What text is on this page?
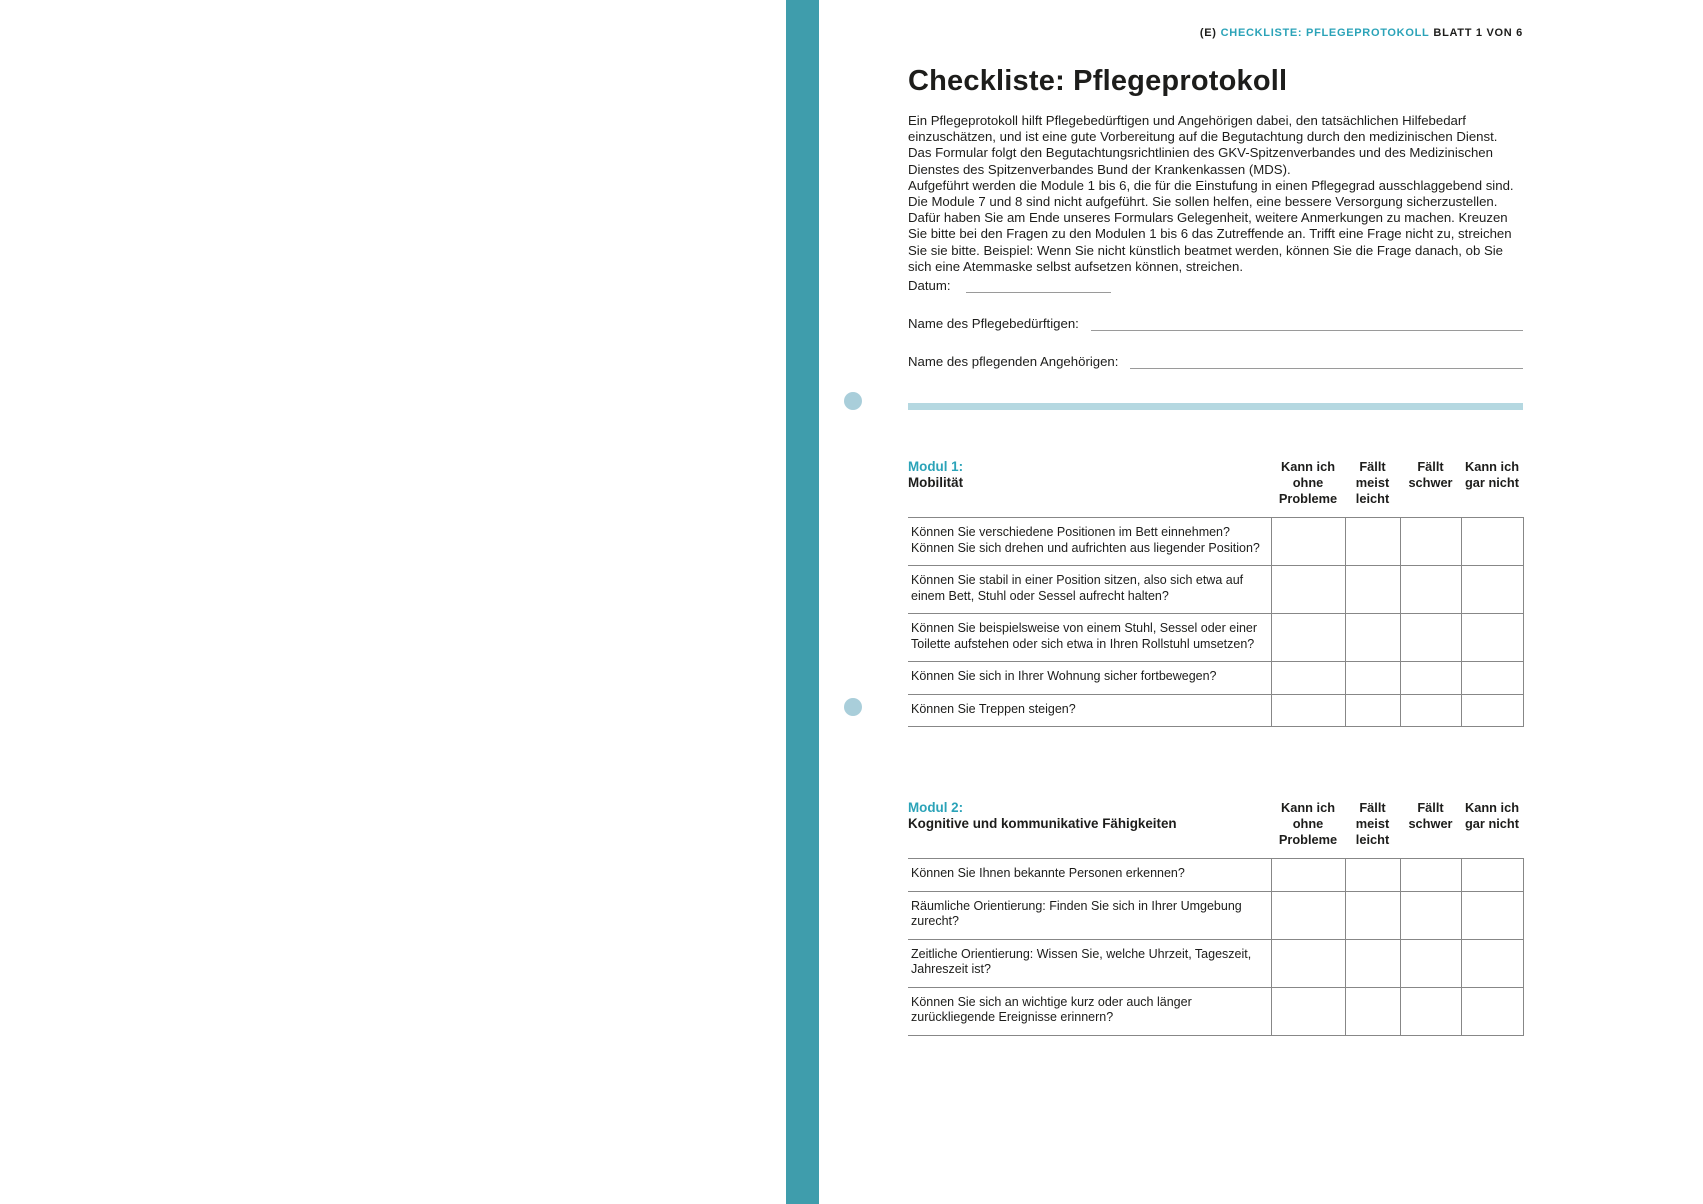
(E) CHECKLISTE: PFLEGEPROTOKOLL BLATT 1 VON 6
Checkliste: Pflegeprotokoll

Ein Pflegeprotokoll hilft Pflegebedürftigen und Angehörigen dabei, den tatsächlichen Hilfebedarf einzuschätzen, und ist eine gute Vorbereitung auf die Begutachtung durch den medizinischen Dienst. Das Formular folgt den Begutachtungsrichtlinien des GKV-Spitzenverbandes und des Medizinischen Dienstes des Spitzenverbandes Bund der Krankenkassen (MDS).

Aufgeführt werden die Module 1 bis 6, die für die Einstufung in einen Pflegegrad ausschlaggebend sind. Die Module 7 und 8 sind nicht aufgeführt. Sie sollen helfen, eine bessere Versorgung sicherzustellen. Dafür haben Sie am Ende unseres Formulars Gelegenheit, weitere Anmerkungen zu machen. Kreuzen Sie bitte bei den Fragen zu den Modulen 1 bis 6 das Zutreffende an. Trifft eine Frage nicht zu, streichen Sie sie bitte. Beispiel: Wenn Sie nicht künstlich beatmet werden, können Sie die Frage danach, ob Sie sich eine Atemmaske selbst aufsetzen können, streichen.

Datum:
Name des Pflegebedürftigen:
Name des pflegenden Angehörigen:
Modul 1:
Mobilität	Kann ich ohne Probleme	Fällt meist leicht	Fällt schwer	Kann ich gar nicht
Können Sie verschiedene Positionen im Bett einnehmen? Können Sie sich drehen und aufrichten aus liegender Position?				
Können Sie stabil in einer Position sitzen, also sich etwa auf einem Bett, Stuhl oder Sessel aufrecht halten?				
Können Sie beispielsweise von einem Stuhl, Sessel oder einer Toilette aufstehen oder sich etwa in Ihren Rollstuhl umsetzen?				
Können Sie sich in Ihrer Wohnung sicher fortbewegen?				
Können Sie Treppen steigen?				
Modul 2:
Kognitive und kommunikative Fähigkeiten	Kann ich ohne Probleme	Fällt meist leicht	Fällt schwer	Kann ich gar nicht
Können Sie Ihnen bekannte Personen erkennen?				
Räumliche Orientierung: Finden Sie sich in Ihrer Umgebung zurecht?				
Zeitliche Orientierung: Wissen Sie, welche Uhrzeit, Tageszeit, Jahreszeit ist?				
Können Sie sich an wichtige kurz oder auch länger zurückliegende Ereignisse erinnern?				
